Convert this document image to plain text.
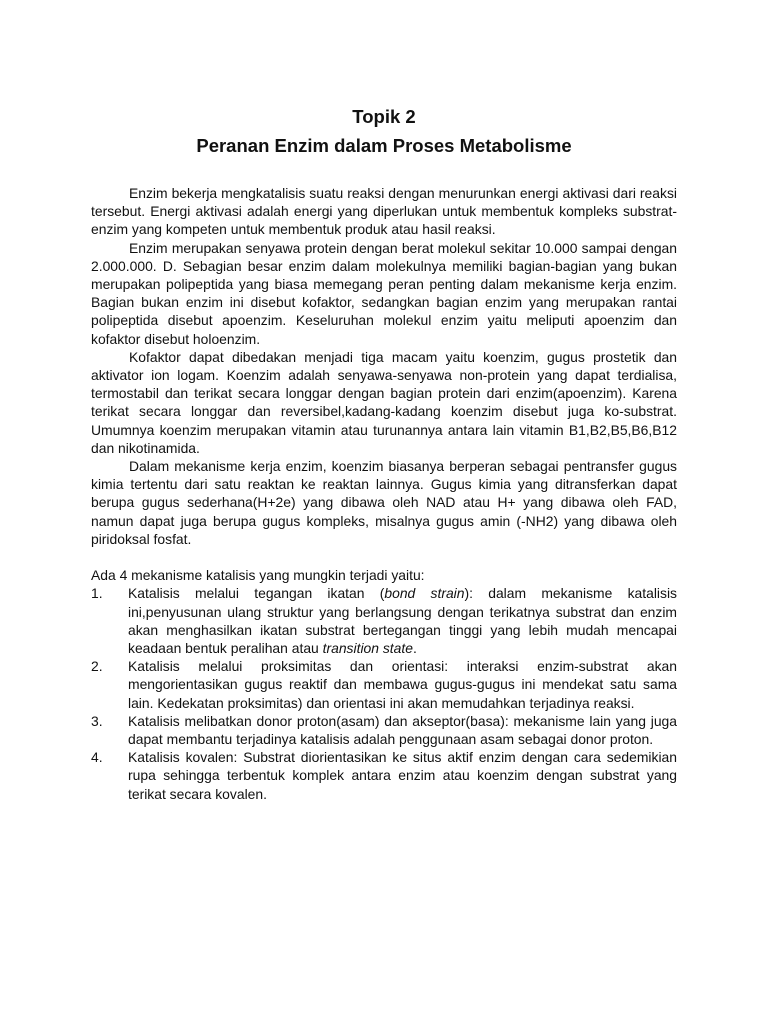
Topik 2
Peranan Enzim dalam Proses Metabolisme

Enzim bekerja mengkatalisis suatu reaksi dengan menurunkan energi aktivasi dari reaksi tersebut. Energi aktivasi adalah energi yang diperlukan untuk membentuk kompleks substrat-enzim yang kompeten untuk membentuk produk atau hasil reaksi.

Enzim merupakan senyawa protein dengan berat molekul sekitar 10.000 sampai dengan 2.000.000. D. Sebagian besar enzim dalam molekulnya memiliki bagian-bagian yang bukan merupakan polipeptida yang biasa memegang peran penting dalam mekanisme kerja enzim. Bagian bukan enzim ini disebut kofaktor, sedangkan bagian enzim yang merupakan rantai polipeptida disebut apoenzim. Keseluruhan molekul enzim yaitu meliputi apoenzim dan kofaktor disebut holoenzim.

Kofaktor dapat dibedakan menjadi tiga macam yaitu koenzim, gugus prostetik dan aktivator ion logam. Koenzim adalah senyawa-senyawa non-protein yang dapat terdialisa, termostabil dan terikat secara longgar dengan bagian protein dari enzim(apoenzim). Karena terikat secara longgar dan reversibel,kadang-kadang koenzim disebut juga ko-substrat. Umumnya koenzim merupakan vitamin atau turunannya antara lain vitamin B1,B2,B5,B6,B12 dan nikotinamida.

Dalam mekanisme kerja enzim, koenzim biasanya berperan sebagai pentransfer gugus kimia tertentu dari satu reaktan ke reaktan lainnya. Gugus kimia yang ditransferkan dapat berupa gugus sederhana(H+2e) yang dibawa oleh NAD atau H+ yang dibawa oleh FAD, namun dapat juga berupa gugus kompleks, misalnya gugus amin (-NH2) yang dibawa oleh piridoksal fosfat.

Ada 4 mekanisme katalisis yang mungkin terjadi yaitu:

1. Katalisis melalui tegangan ikatan (bond strain): dalam mekanisme katalisis ini,penyusunan ulang struktur yang berlangsung dengan terikatnya substrat dan enzim akan menghasilkan ikatan substrat bertegangan tinggi yang lebih mudah mencapai keadaan bentuk peralihan atau transition state.
2. Katalisis melalui proksimitas dan orientasi: interaksi enzim-substrat akan mengorientasikan gugus reaktif dan membawa gugus-gugus ini mendekat satu sama lain. Kedekatan proksimitas) dan orientasi ini akan memudahkan terjadinya reaksi.
3. Katalisis melibatkan donor proton(asam) dan akseptor(basa): mekanisme lain yang juga dapat membantu terjadinya katalisis adalah penggunaan asam sebagai donor proton.
4. Katalisis kovalen: Substrat diorientasikan ke situs aktif enzim dengan cara sedemikian rupa sehingga terbentuk komplek antara enzim atau koenzim dengan substrat yang terikat secara kovalen.
